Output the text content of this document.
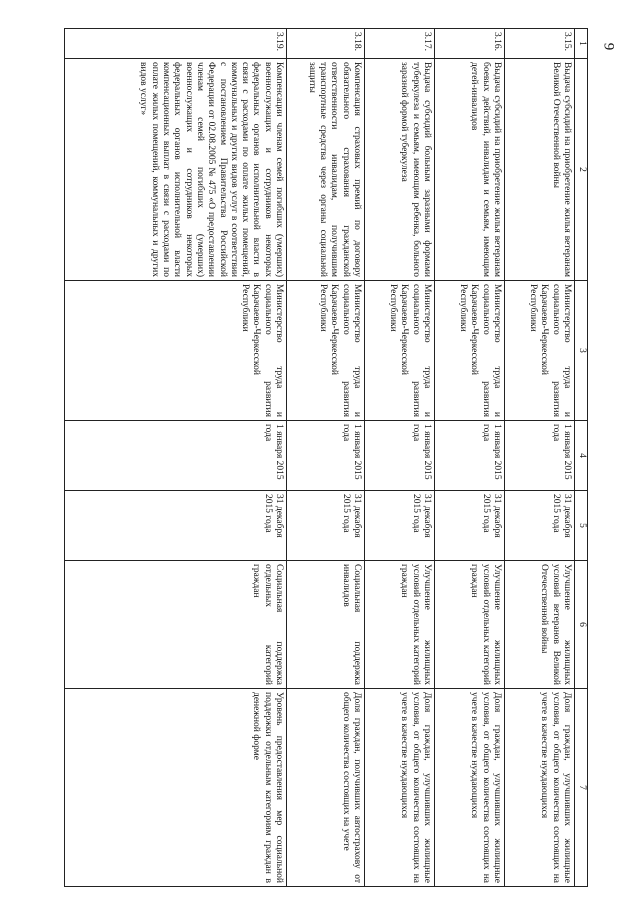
9
1	2	3	4	5	6	7
3.15.	Выдача субсидий на приобретение жилья ветеранам Великой Отечественной войны	Министерство труда и социального развития Карачаево-Черкесской Республики	1 января 2015 года	31 декабря 2015 года	Улучшение жилищных условий ветеранов Великой Отечественной войны	Доля граждан, улучшивших жилищные условия, от общего количества состоящих на учете в качестве нуждающихся
3.16.	Выдача субсидий на приобретение жилья ветеранам боевых действий, инвалидам и семьям, имеющим детей-инвалидов	Министерство труда и социального развития Карачаево-Черкесской Республики	1 января 2015 года	31 декабря 2015 года	Улучшение жилищных условий отдельных категорий граждан	Доля граждан, улучшивших жилищные условия, от общего количества состоящих на учете в качестве нуждающихся
3.17.	Выдача субсидий больным заразными формами туберкулеза и семьям, имеющим ребенка, больного заразной формой туберкулеза	Министерство труда и социального развития Карачаево-Черкесской Республики	1 января 2015 года	31 декабря 2015 года	Улучшение жилищных условий отдельных категорий граждан	Доля граждан, улучшивших жилищные условия, от общего количества состоящих на учете в качестве нуждающихся
3.18.	Компенсация страховых премий по договору обязательного страхования гражданской ответственности инвалидам, получившим транспортные средства через органы социальной защиты	Министерство труда и социального развития Карачаево-Черкесской Республики	1 января 2015 года	31 декабря 2015 года	Социальная поддержка инвалидов	Доля граждан, получивших автострахову от общего количества состоящих на учете
3.19.	Компенсации членам семей погибших (умерших) военнослужащих и сотрудников некоторых федеральных органов исполнительной власти в связи с расходами по оплате жилых помещений, коммунальных и других видов услуг в соответствии с постановлением Правительства Российской Федерации от 02.08.2005 № 475 «О предоставлении членам семей погибших (умерших) военнослужащих и сотрудников некоторых федеральных органов исполнительной власти компенсационных выплат в связи с расходами по оплате жилых помещений, коммунальных и других видов услуг»	Министерство труда и социального развития Карачаево-Черкесской Республики	1 января 2015 года	31 декабря 2015 года	Социальная поддержка отдельных категорий граждан	Уровень предоставления мер социальной поддержки отдельным категориям граждан в денежной форме
